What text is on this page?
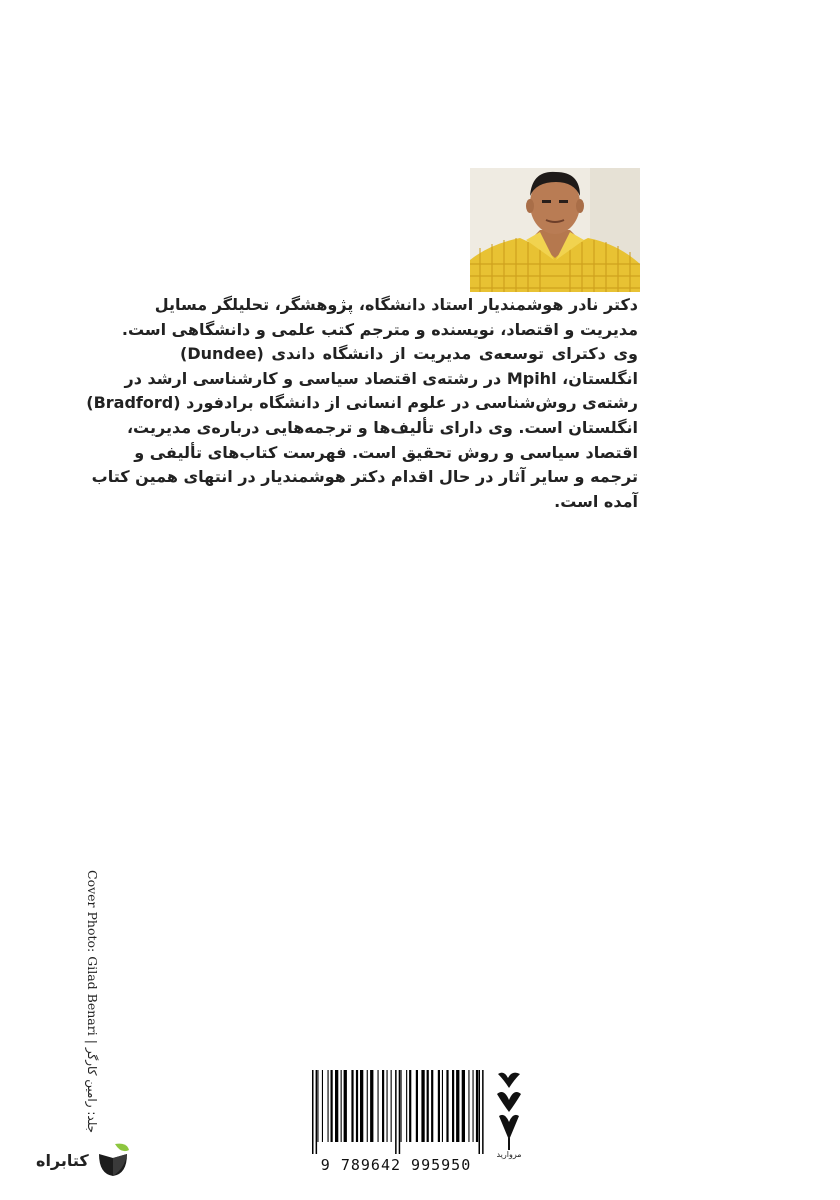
دکتر نادر هوشمندیار استاد دانشگاه، پژوهشگر، تحلیلگر مسایل
مدیریت و اقتصاد، نویسنده و مترجم کتب علمی و دانشگاهی است.
وی دکترای توسعه‌ی مدیریت از دانشگاه داندی (Dundee)
انگلستان، Mpihl در رشته‌ی اقتصاد سیاسی و کارشناسی ارشد در
رشته‌ی روش‌شناسی در علوم انسانی از دانشگاه برادفورد (Bradford)
انگلستان است. وی دارای تألیف‌ها و ترجمه‌هایی درباره‌ی مدیریت،
اقتصاد سیاسی و روش تحقیق است. فهرست کتاب‌های تألیفی و
ترجمه و سایر آثار در حال اقدام دکتر هوشمندیار در انتهای همین کتاب
آمده است.
Cover Photo: Gilad Benari|جلد: رامین کارگر
9 789642 995950
مروارید
کتابراه
